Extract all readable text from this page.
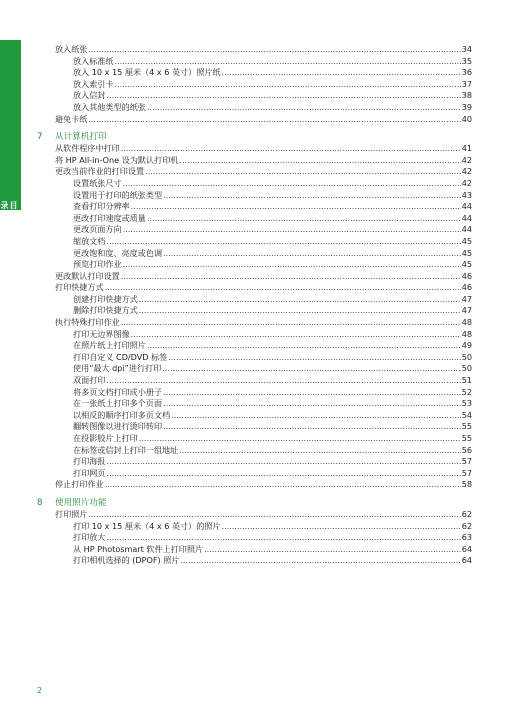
目录
放入纸张 .....	34
放入标准纸 .....	35
放入 10 x 15 厘米（4 x 6 英寸）照片纸 .....	36
放入索引卡 .....	37
放入信封 .....	38
放入其他类型的纸张 .....	39
避免卡纸 .....	40
7	从计算机打印
从软件程序中打印 .....	41
将 HP All-in-One 设为默认打印机 .....	42
更改当前作业的打印设置 .....	42
设置纸张尺寸 .....	42
设置用于打印的纸张类型 .....	43
查看打印分辨率 .....	44
更改打印速度或质量 .....	44
更改页面方向 .....	44
缩放文档 .....	45
更改饱和度、亮度或色调 .....	45
预览打印作业 .....	45
更改默认打印设置 .....	46
打印快捷方式 .....	46
创建打印快捷方式 .....	47
删除打印快捷方式 .....	47
执行特殊打印作业 .....	48
打印无边界图像 .....	48
在照片纸上打印照片 .....	49
打印自定义 CD/DVD 标签 .....	50
使用“最大 dpi”进行打印 .....	50
双面打印 .....	51
将多页文档打印成小册子 .....	52
在一张纸上打印多个页面 .....	53
以相反的顺序打印多页文档 .....	54
翻转图像以进行烫印转印 .....	55
在投影胶片上打印 .....	55
在标签或信封上打印一组地址 .....	56
打印海报 .....	57
打印网页 .....	57
停止打印作业 .....	58
8	使用照片功能
打印照片 .....	62
打印 10 x 15 厘米（4 x 6 英寸）的照片 .....	62
打印放大 .....	63
从 HP Photosmart 软件上打印照片 .....	64
打印相机选择的 (DPOF) 照片 .....	64
2
